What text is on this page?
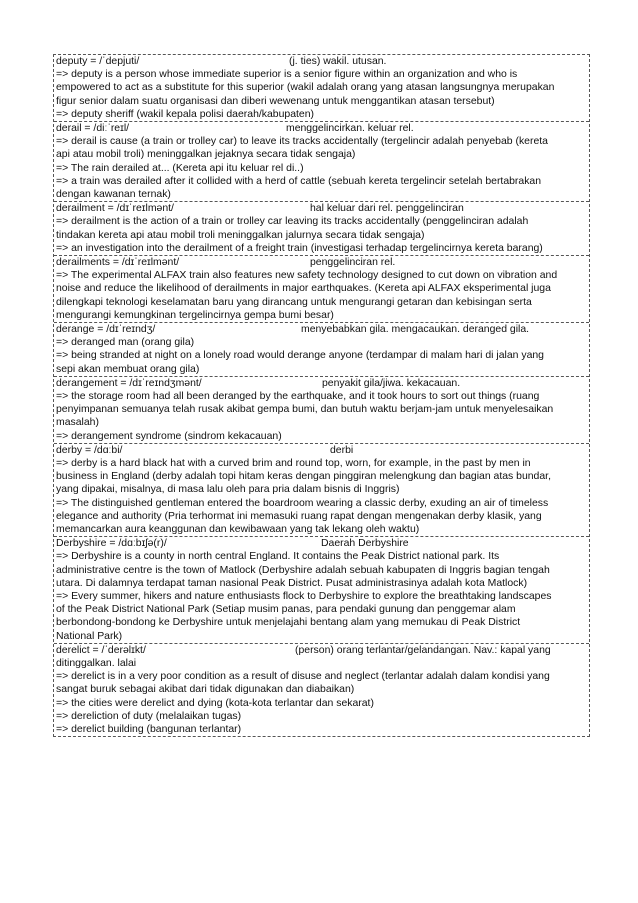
deputy = /ˈdepjuti/	(j. ties) wakil. utusan.
=> deputy is a person whose immediate superior is a senior figure within an organization and who is
empowered to act as a substitute for this superior (wakil adalah orang yang atasan langsungnya merupakan
figur senior dalam suatu organisasi dan diberi wewenang untuk menggantikan atasan tersebut)
=> deputy sheriff (wakil kepala polisi daerah/kabupaten)
derail = /diːˈreɪl/	menggelincirkan. keluar rel.
=> derail is cause (a train or trolley car) to leave its tracks accidentally (tergelincir adalah penyebab (kereta
api atau mobil troli) meninggalkan jejaknya secara tidak sengaja)
=> The rain derailed at... (Kereta api itu keluar rel di..)
=> a train was derailed after it collided with a herd of cattle (sebuah kereta tergelincir setelah bertabrakan
dengan kawanan ternak)
derailment = /dɪˈreɪlmənt/	hal keluar dari rel. penggelinciran
=> derailment is the action of a train or trolley car leaving its tracks accidentally (penggelinciran adalah
tindakan kereta api atau mobil troli meninggalkan jalurnya secara tidak sengaja)
=> an investigation into the derailment of a freight train (investigasi terhadap tergelincirnya kereta barang)
derailments = /dɪˈreɪlmənt/	penggelinciran rel.
=> The experimental ALFAX train also features new safety technology designed to cut down on vibration and
noise and reduce the likelihood of derailments in major earthquakes. (Kereta api ALFAX eksperimental juga
dilengkapi teknologi keselamatan baru yang dirancang untuk mengurangi getaran dan kebisingan serta
mengurangi kemungkinan tergelincirnya gempa bumi besar)
derange = /dɪˈreɪndʒ/	menyebabkan gila. mengacaukan. deranged gila.
=> deranged man (orang gila)
=> being stranded at night on a lonely road would derange anyone (terdampar di malam hari di jalan yang
sepi akan membuat orang gila)
derangement = /dɪˈreɪndʒmənt/	penyakit gila/jiwa. kekacauan.
=> the storage room had all been deranged by the earthquake, and it took hours to sort out things (ruang
penyimpanan semuanya telah rusak akibat gempa bumi, dan butuh waktu berjam-jam untuk menyelesaikan
masalah)
=> derangement syndrome (sindrom kekacauan)
derby = /dɑːbi/	derbi
=> derby is a hard black hat with a curved brim and round top, worn, for example, in the past by men in
business in England (derby adalah topi hitam keras dengan pinggiran melengkung dan bagian atas bundar,
yang dipakai, misalnya, di masa lalu oleh para pria dalam bisnis di Inggris)
=> The distinguished gentleman entered the boardroom wearing a classic derby, exuding an air of timeless
elegance and authority (Pria terhormat ini memasuki ruang rapat dengan mengenakan derby klasik, yang
memancarkan aura keanggunan dan kewibawaan yang tak lekang oleh waktu)
Derbyshire = /dɑːbɪʃə(r)/	Daerah Derbyshire
=> Derbyshire is a county in north central England. It contains the Peak District national park. Its
administrative centre is the town of Matlock (Derbyshire adalah sebuah kabupaten di Inggris bagian tengah
utara. Di dalamnya terdapat taman nasional Peak District. Pusat administrasinya adalah kota Matlock)
=> Every summer, hikers and nature enthusiasts flock to Derbyshire to explore the breathtaking landscapes
of the Peak District National Park (Setiap musim panas, para pendaki gunung dan penggemar alam
berbondong-bondong ke Derbyshire untuk menjelajahi bentang alam yang memukau di Peak District
National Park)
derelict = /ˈderəlɪkt/	(person) orang terlantar/gelandangan. Nav.: kapal yang
ditinggalkan. lalai
=> derelict is in a very poor condition as a result of disuse and neglect (terlantar adalah dalam kondisi yang
sangat buruk sebagai akibat dari tidak digunakan dan diabaikan)
=> the cities were derelict and dying (kota-kota terlantar dan sekarat)
=> dereliction of duty (melalaikan tugas)
=> derelict building (bangunan terlantar)
